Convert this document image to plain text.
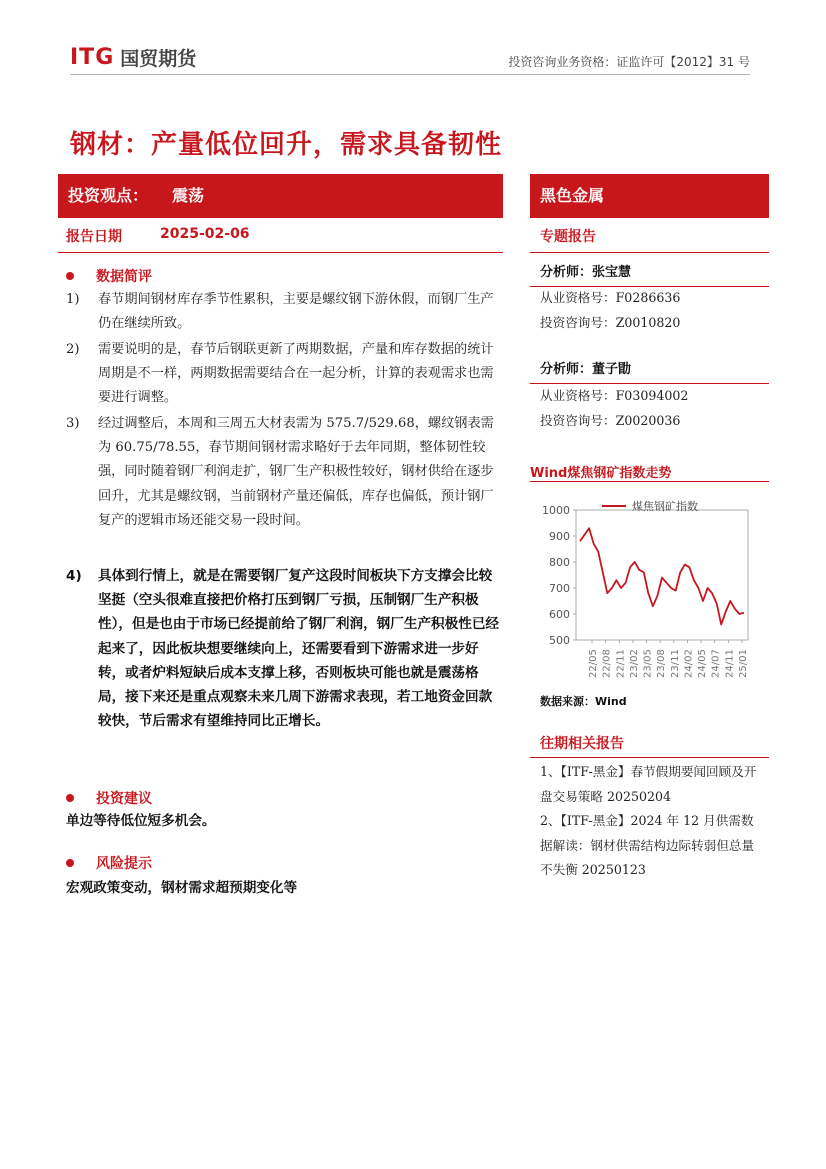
ITG 国贸期货	投资咨询业务资格：证监许可【2012】31 号
钢材：产量低位回升，需求具备韧性
投资观点： 震荡	黑色金属
报告日期	2025-02-06	专题报告
数据简评
1) 春节期间钢材库存季节性累积，主要是螺纹钢下游休假，而钢厂生产仍在继续所致。
2) 需要说明的是，春节后钢联更新了两期数据，产量和库存数据的统计周期是不一样，两期数据需要结合在一起分析，计算的表观需求也需要进行调整。
3) 经过调整后，本周和三周五大材表需为 575.7/529.68，螺纹钢表需为 60.75/78.55，春节期间钢材需求略好于去年同期，整体韧性较强，同时随着钢厂利润走扩，钢厂生产积极性较好，钢材供给在逐步回升，尤其是螺纹钢，当前钢材产量还偏低，库存也偏低，预计钢厂复产的逻辑市场还能交易一段时间。
4) 具体到行情上，就是在需要钢厂复产这段时间板块下方支撑会比较坚挺（空头很难直接把价格打压到钢厂亏损，压制钢厂生产积极性），但是也由于市场已经提前给了钢厂利润，钢厂生产积极性已经起来了，因此板块想要继续向上，还需要看到下游需求进一步好转，或者炉料短缺后成本支撑上移，否则板块可能也就是震荡格局，接下来还是重点观察未来几周下游需求表现，若工地资金回款较快，节后需求有望维持同比正增长。
投资建议
单边等待低位短多机会。
风险提示
宏观政策变动，钢材需求超预期变化等
分析师：张宝慧
从业资格号：F0286636
投资咨询号：Z0010820
分析师：董子勖
从业资格号：F03094002
投资咨询号：Z0020036
Wind煤焦钢矿指数走势
500
600
700
800
900
1000
22/05 22/08 22/11 23/02 23/05 23/08 23/11 24/02 24/05 24/07 24/11 25/01
煤焦钢矿指数
数据来源：Wind
往期相关报告
1、【ITF-黑金】春节假期要闻回顾及开盘交易策略 20250204
2、【ITF-黑金】2024 年 12 月供需数据解读：钢材供需结构边际转弱但总量不失衡 20250123
